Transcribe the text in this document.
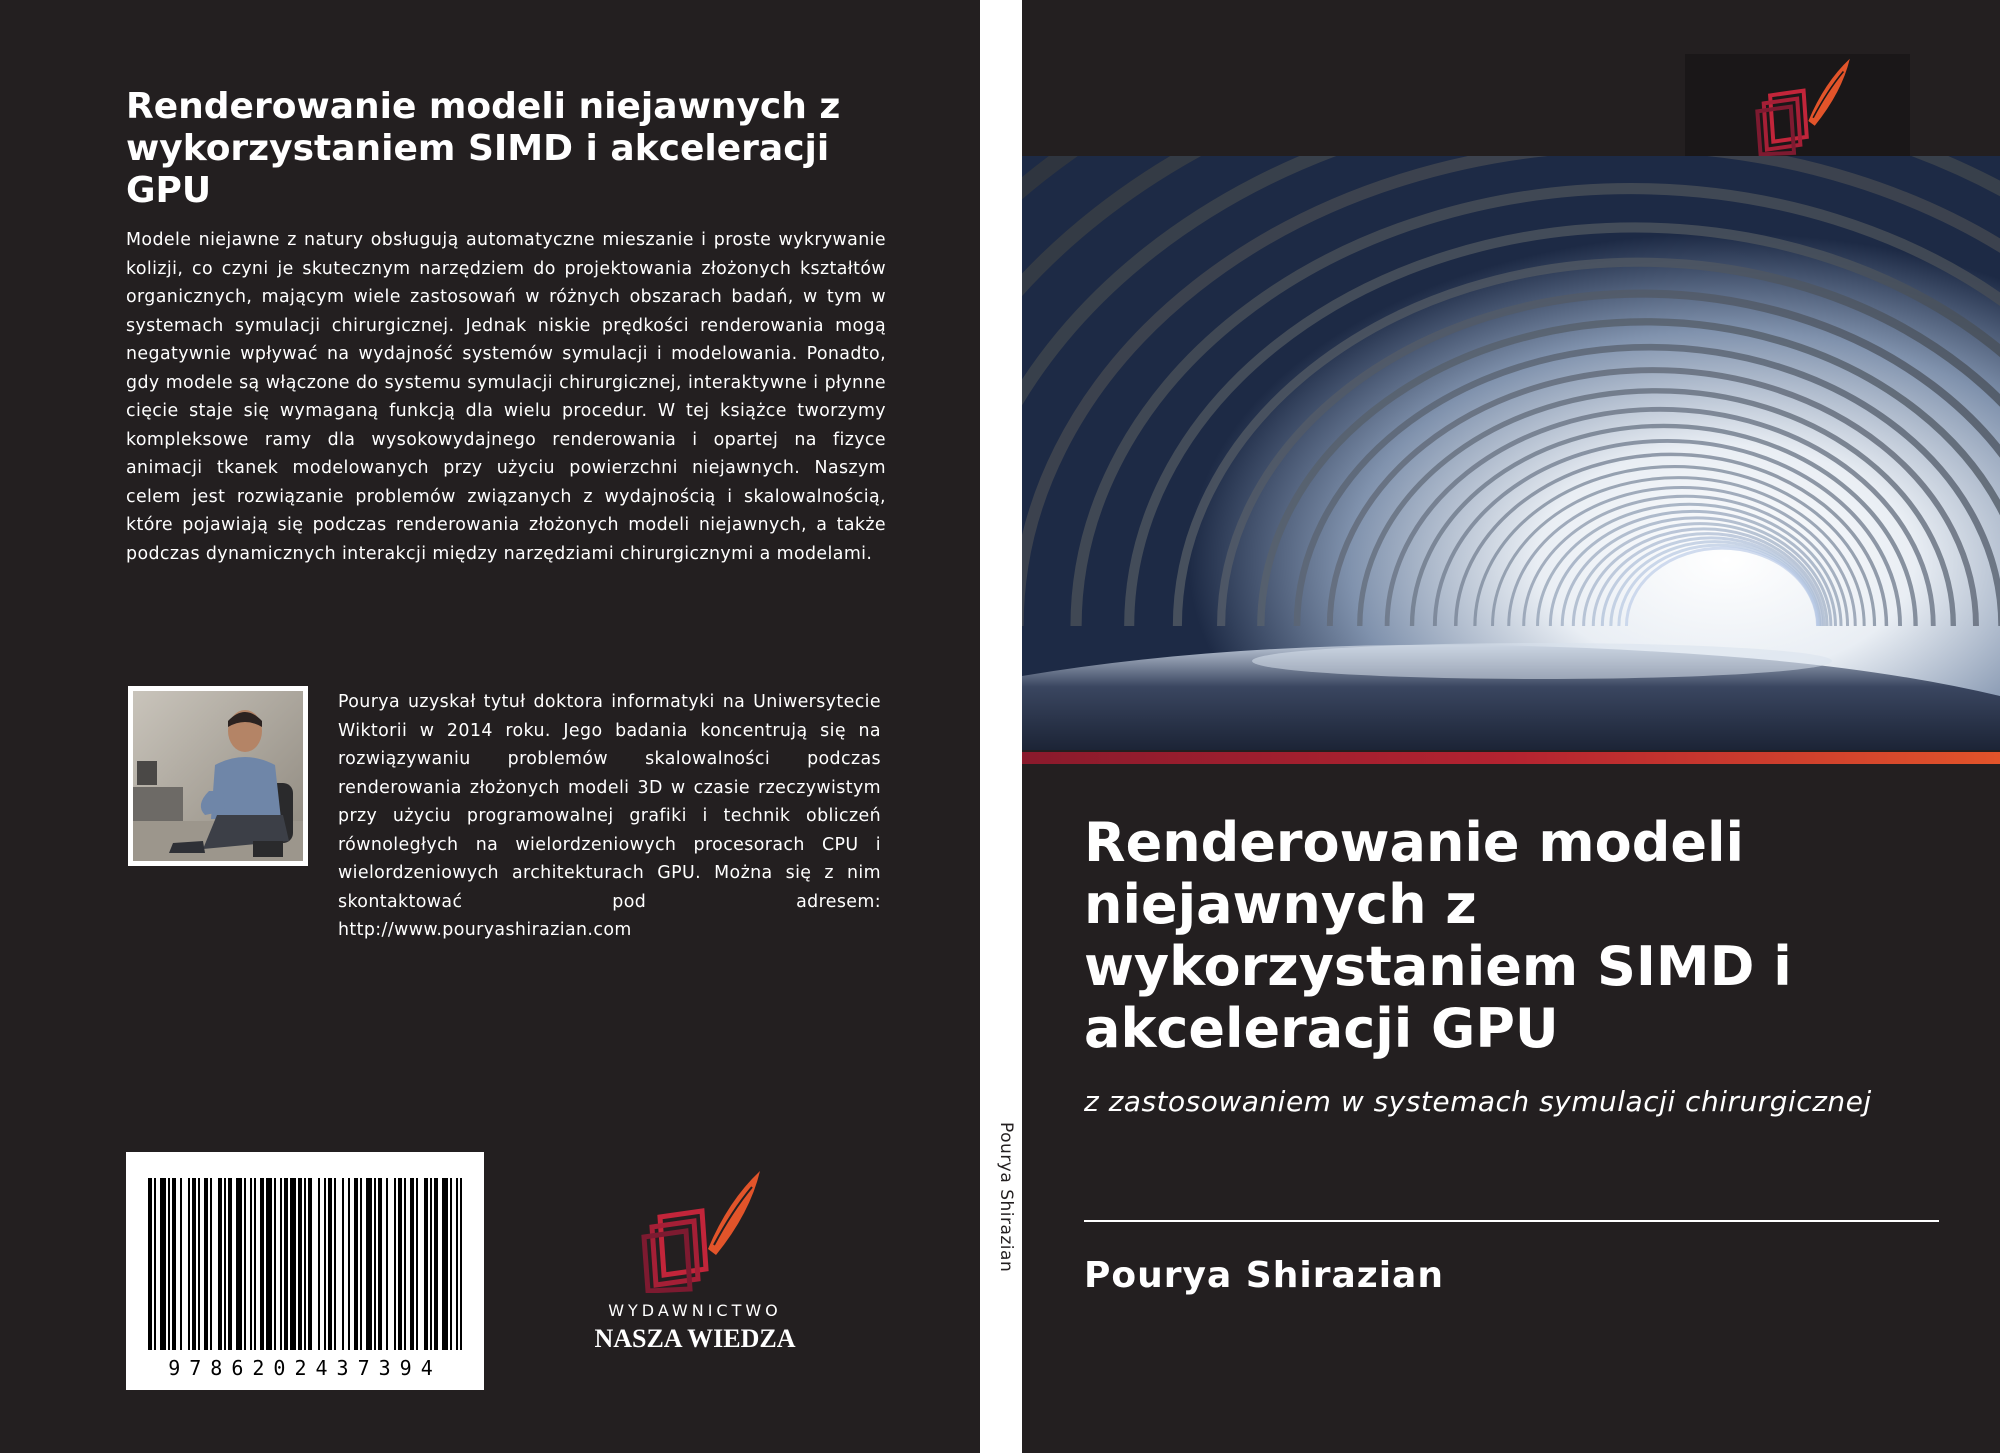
Renderowanie modeli niejawnych z wykorzystaniem SIMD i akceleracji GPU

Modele niejawne z natury obsługują automatyczne mieszanie i proste wykrywanie kolizji, co czyni je skutecznym narzędziem do projektowania złożonych kształtów organicznych, mającym wiele zastosowań w różnych obszarach badań, w tym w systemach symulacji chirurgicznej. Jednak niskie prędkości renderowania mogą negatywnie wpływać na wydajność systemów symulacji i modelowania. Ponadto, gdy modele są włączone do systemu symulacji chirurgicznej, interaktywne i płynne cięcie staje się wymaganą funkcją dla wielu procedur. W tej książce tworzymy kompleksowe ramy dla wysokowydajnego renderowania i opartej na fizyce animacji tkanek modelowanych przy użyciu powierzchni niejawnych. Naszym celem jest rozwiązanie problemów związanych z wydajnością i skalowalnością, które pojawiają się podczas renderowania złożonych modeli niejawnych, a także podczas dynamicznych interakcji między narzędziami chirurgicznymi a modelami.

Pourya uzyskał tytuł doktora informatyki na Uniwersytecie Wiktorii w 2014 roku. Jego badania koncentrują się na rozwiązywaniu problemów skalowalności podczas renderowania złożonych modeli 3D w czasie rzeczywistym przy użyciu programowalnej grafiki i technik obliczeń równoległych na wielordzeniowych procesorach CPU i wielordzeniowych architekturach GPU. Można się z nim skontaktować pod adresem: http://www.pouryashirazian.com

9786202437394
WYDAWNICTWO
NASZA WIEDZA
Pourya Shirazian
Renderowanie modeli niejawnych z wykorzystaniem SIMD i akceleracji GPU

z zastosowaniem w systemach symulacji chirurgicznej

Pourya Shirazian
